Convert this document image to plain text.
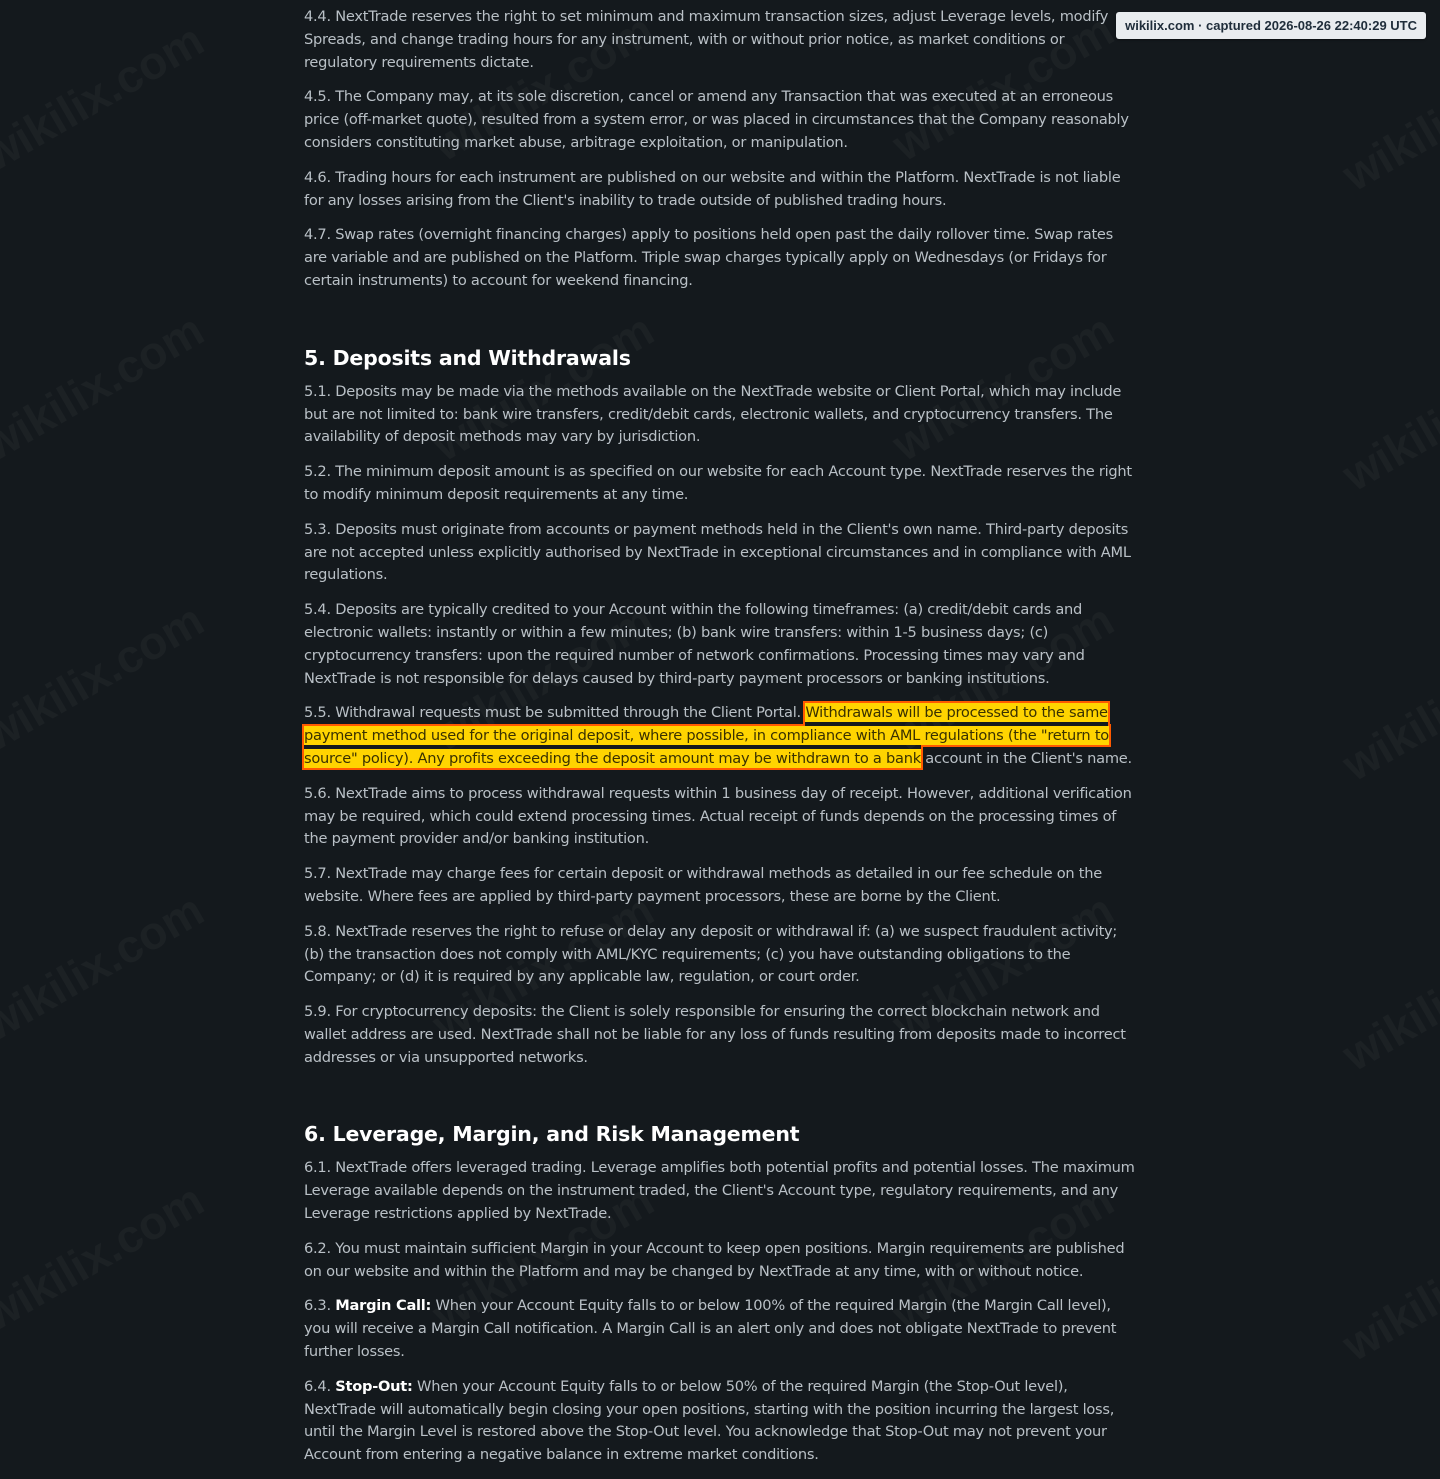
4.4. NextTrade reserves the right to set minimum and maximum transaction sizes, adjust Leverage levels, modify Spreads, and change trading hours for any instrument, with or without prior notice, as market conditions or regulatory requirements dictate.

4.5. The Company may, at its sole discretion, cancel or amend any Transaction that was executed at an erroneous price (off-market quote), resulted from a system error, or was placed in circumstances that the Company reasonably considers constituting market abuse, arbitrage exploitation, or manipulation.

4.6. Trading hours for each instrument are published on our website and within the Platform. NextTrade is not liable for any losses arising from the Client's inability to trade outside of published trading hours.

4.7. Swap rates (overnight financing charges) apply to positions held open past the daily rollover time. Swap rates are variable and are published on the Platform. Triple swap charges typically apply on Wednesdays (or Fridays for certain instruments) to account for weekend financing.

5. Deposits and Withdrawals

5.1. Deposits may be made via the methods available on the NextTrade website or Client Portal, which may include but are not limited to: bank wire transfers, credit/debit cards, electronic wallets, and cryptocurrency transfers. The availability of deposit methods may vary by jurisdiction.

5.2. The minimum deposit amount is as specified on our website for each Account type. NextTrade reserves the right to modify minimum deposit requirements at any time.

5.3. Deposits must originate from accounts or payment methods held in the Client's own name. Third-party deposits are not accepted unless explicitly authorised by NextTrade in exceptional circumstances and in compliance with AML regulations.

5.4. Deposits are typically credited to your Account within the following timeframes: (a) credit/debit cards and electronic wallets: instantly or within a few minutes; (b) bank wire transfers: within 1-5 business days; (c) cryptocurrency transfers: upon the required number of network confirmations. Processing times may vary and NextTrade is not responsible for delays caused by third-party payment processors or banking institutions.

5.5. Withdrawal requests must be submitted through the Client Portal. Withdrawals will be processed to the same payment method used for the original deposit, where possible, in compliance with AML regulations (the "return to source" policy). Any profits exceeding the deposit amount may be withdrawn to a bank account in the Client's name.

5.6. NextTrade aims to process withdrawal requests within 1 business day of receipt. However, additional verification may be required, which could extend processing times. Actual receipt of funds depends on the processing times of the payment provider and/or banking institution.

5.7. NextTrade may charge fees for certain deposit or withdrawal methods as detailed in our fee schedule on the website. Where fees are applied by third-party payment processors, these are borne by the Client.

5.8. NextTrade reserves the right to refuse or delay any deposit or withdrawal if: (a) we suspect fraudulent activity; (b) the transaction does not comply with AML/KYC requirements; (c) you have outstanding obligations to the Company; or (d) it is required by any applicable law, regulation, or court order.

5.9. For cryptocurrency deposits: the Client is solely responsible for ensuring the correct blockchain network and wallet address are used. NextTrade shall not be liable for any loss of funds resulting from deposits made to incorrect addresses or via unsupported networks.

6. Leverage, Margin, and Risk Management

6.1. NextTrade offers leveraged trading. Leverage amplifies both potential profits and potential losses. The maximum Leverage available depends on the instrument traded, the Client's Account type, regulatory requirements, and any Leverage restrictions applied by NextTrade.

6.2. You must maintain sufficient Margin in your Account to keep open positions. Margin requirements are published on our website and within the Platform and may be changed by NextTrade at any time, with or without notice.

6.3. Margin Call: When your Account Equity falls to or below 100% of the required Margin (the Margin Call level), you will receive a Margin Call notification. A Margin Call is an alert only and does not obligate NextTrade to prevent further losses.

6.4. Stop-Out: When your Account Equity falls to or below 50% of the required Margin (the Stop-Out level), NextTrade will automatically begin closing your open positions, starting with the position incurring the largest loss, until the Margin Level is restored above the Stop-Out level. You acknowledge that Stop-Out may not prevent your Account from entering a negative balance in extreme market conditions.

wikilix.com · captured 2026-08-26 22:40:29 UTC
